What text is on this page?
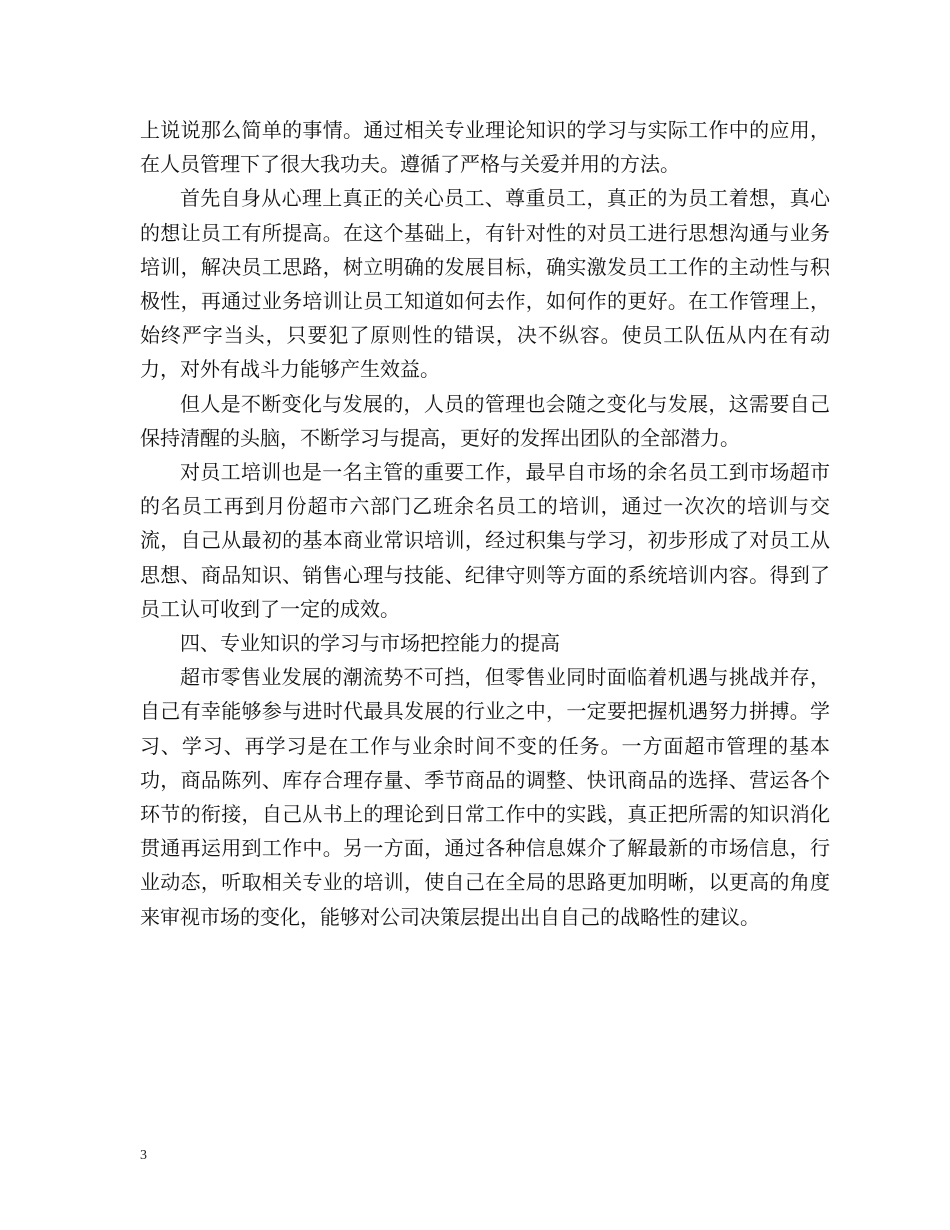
上说说那么简单的事情。通过相关专业理论知识的学习与实际工作中的应用，在人员管理下了很大我功夫。遵循了严格与关爱并用的方法。

首先自身从心理上真正的关心员工、尊重员工，真正的为员工着想，真心的想让员工有所提高。在这个基础上，有针对性的对员工进行思想沟通与业务培训，解决员工思路，树立明确的发展目标，确实激发员工工作的主动性与积极性，再通过业务培训让员工知道如何去作，如何作的更好。在工作管理上，始终严字当头，只要犯了原则性的错误，决不纵容。使员工队伍从内在有动力，对外有战斗力能够产生效益。

但人是不断变化与发展的，人员的管理也会随之变化与发展，这需要自己保持清醒的头脑，不断学习与提高，更好的发挥出团队的全部潜力。

对员工培训也是一名主管的重要工作，最早自市场的余名员工到市场超市的名员工再到月份超市六部门乙班余名员工的培训，通过一次次的培训与交流，自己从最初的基本商业常识培训，经过积集与学习，初步形成了对员工从思想、商品知识、销售心理与技能、纪律守则等方面的系统培训内容。得到了员工认可收到了一定的成效。

四、专业知识的学习与市场把控能力的提高

超市零售业发展的潮流势不可挡，但零售业同时面临着机遇与挑战并存，自己有幸能够参与进时代最具发展的行业之中，一定要把握机遇努力拼搏。学习、学习、再学习是在工作与业余时间不变的任务。一方面超市管理的基本功，商品陈列、库存合理存量、季节商品的调整、快讯商品的选择、营运各个环节的衔接，自己从书上的理论到日常工作中的实践，真正把所需的知识消化贯通再运用到工作中。另一方面，通过各种信息媒介了解最新的市场信息，行业动态，听取相关专业的培训，使自己在全局的思路更加明晰，以更高的角度来审视市场的变化，能够对公司决策层提出出自自己的战略性的建议。

3
